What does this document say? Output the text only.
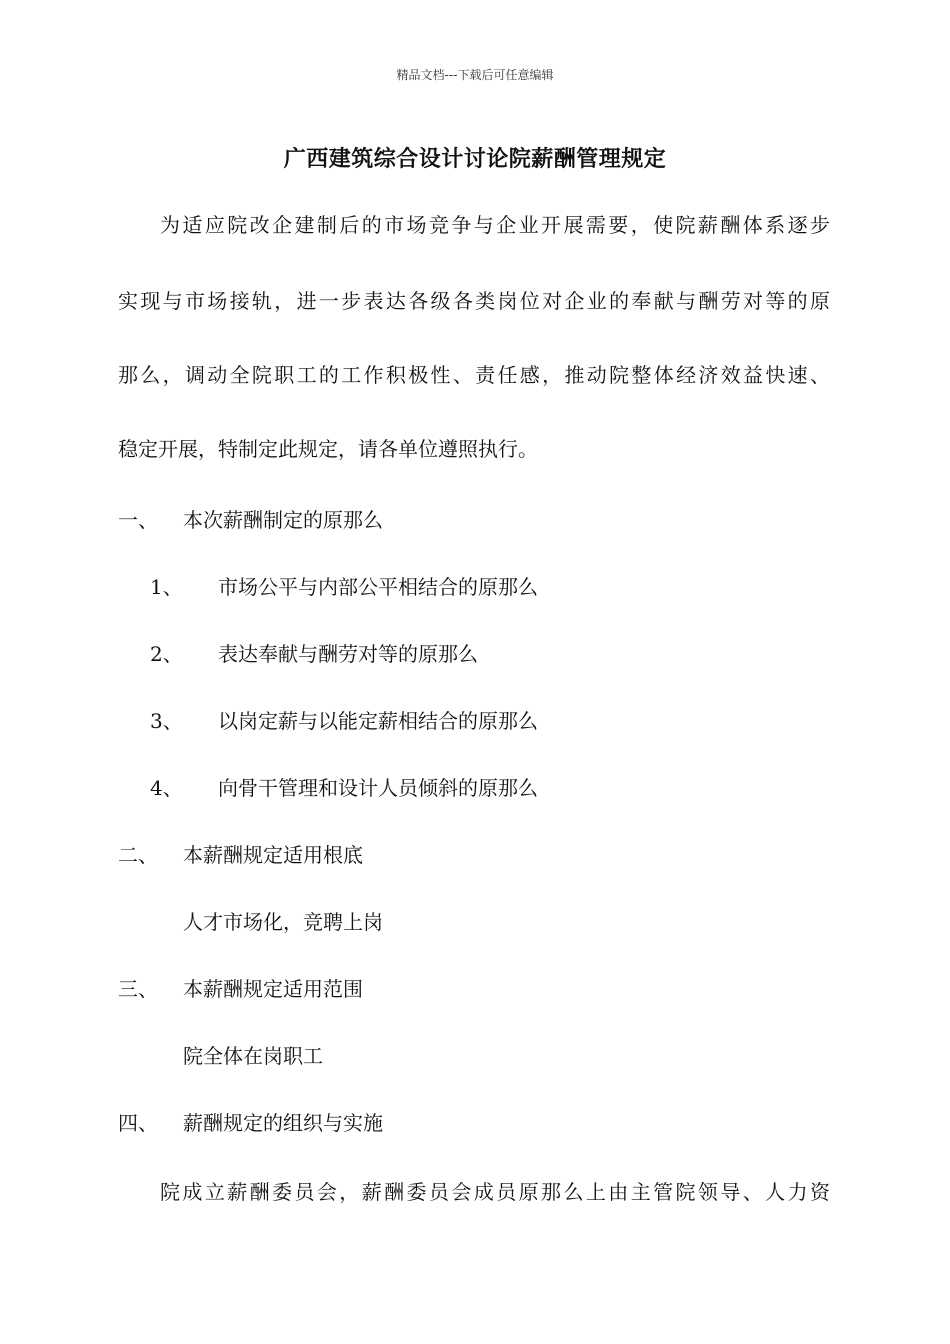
精品文档---下载后可任意编辑
广西建筑综合设计讨论院薪酬管理规定
为适应院改企建制后的市场竞争与企业开展需要，使院薪酬体系逐步
实现与市场接轨，进一步表达各级各类岗位对企业的奉献与酬劳对等的原
那么，调动全院职工的工作积极性、责任感，推动院整体经济效益快速、
稳定开展，特制定此规定，请各单位遵照执行。
一、 本次薪酬制定的原那么
1、 市场公平与内部公平相结合的原那么
2、 表达奉献与酬劳对等的原那么
3、 以岗定薪与以能定薪相结合的原那么
4、 向骨干管理和设计人员倾斜的原那么
二、 本薪酬规定适用根底
人才市场化，竞聘上岗
三、 本薪酬规定适用范围
院全体在岗职工
四、 薪酬规定的组织与实施
院成立薪酬委员会，薪酬委员会成员原那么上由主管院领导、人力资
